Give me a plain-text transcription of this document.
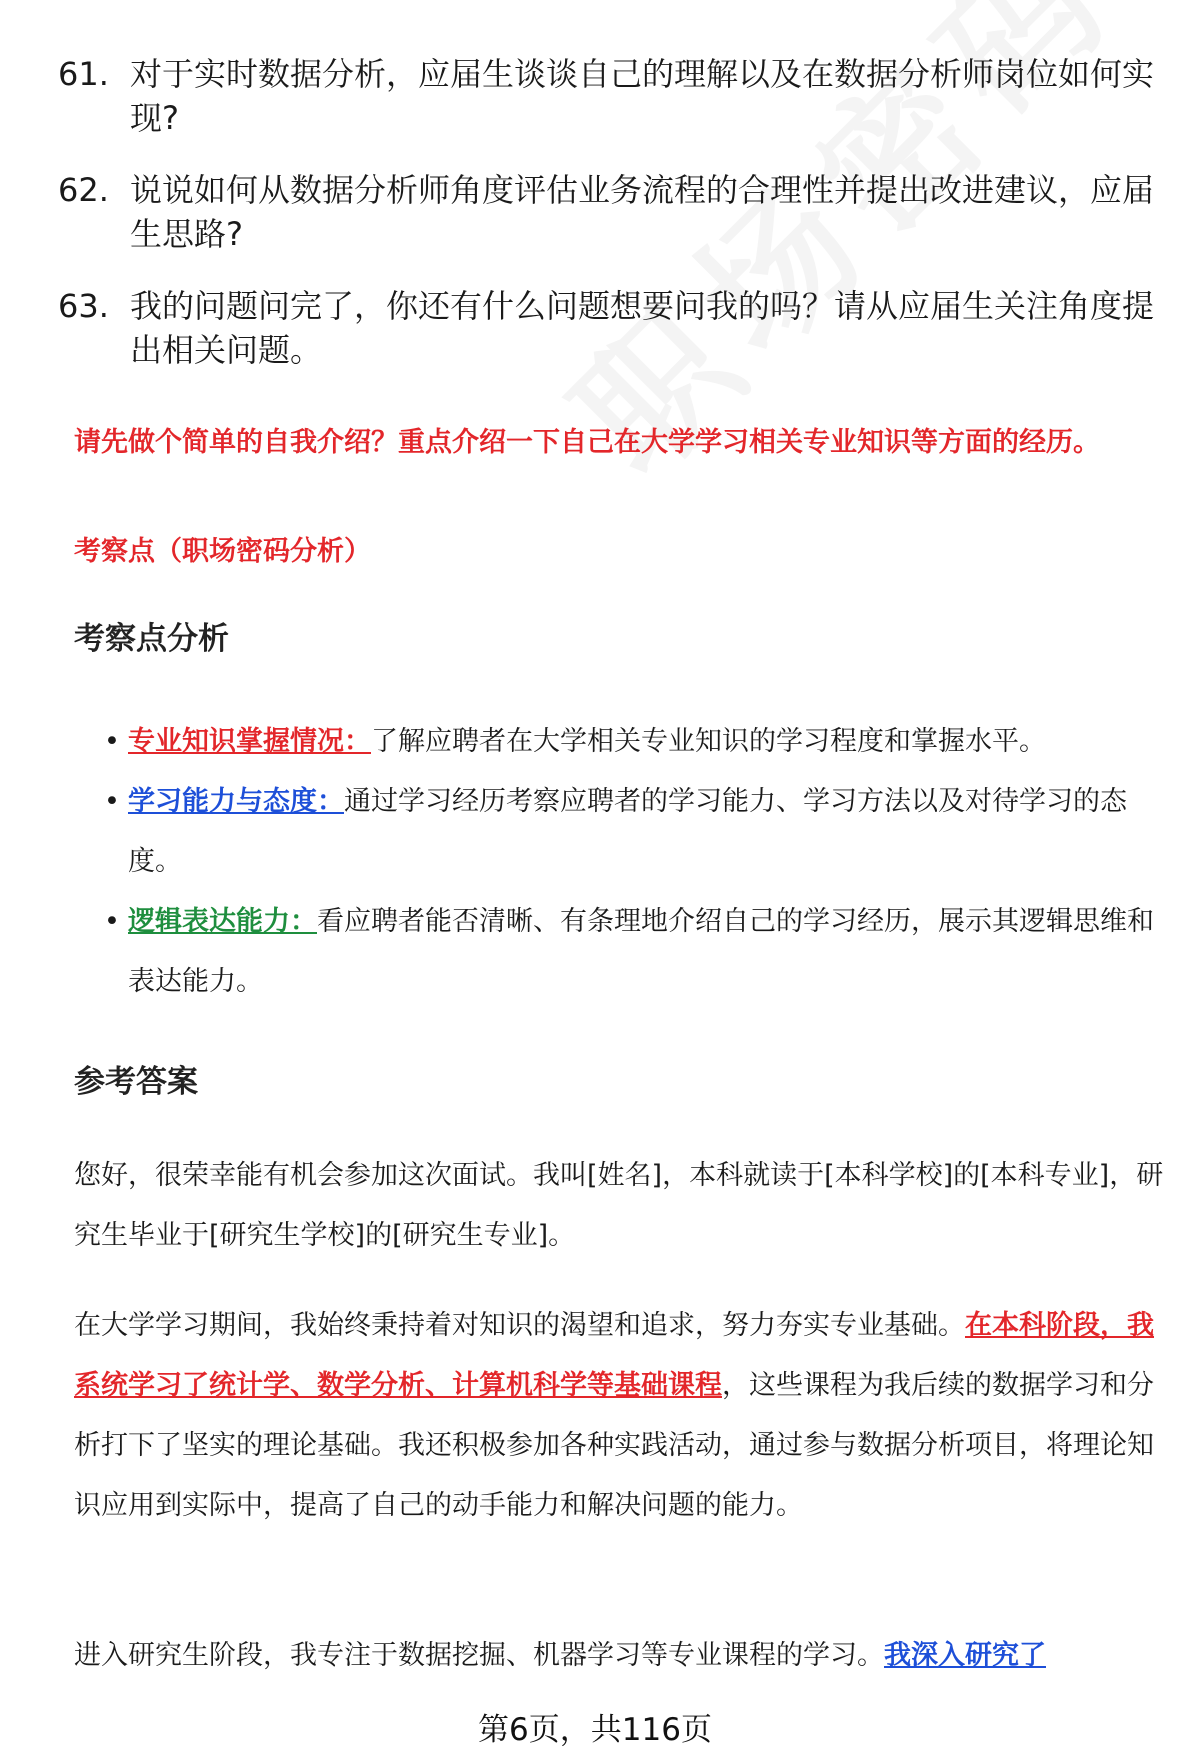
61. 对于实时数据分析，应届生谈谈自己的理解以及在数据分析师岗位如何实现?
62. 说说如何从数据分析师角度评估业务流程的合理性并提出改进建议，应届生思路?
63. 我的问题问完了，你还有什么问题想要问我的吗？请从应届生关注角度提出相关问题。
请先做个简单的自我介绍？重点介绍一下自己在大学学习相关专业知识等方面的经历。
考察点（职场密码分析）
考察点分析
• 专业知识掌握情况：了解应聘者在大学相关专业知识的学习程度和掌握水平。
• 学习能力与态度：通过学习经历考察应聘者的学习能力、学习方法以及对待学习的态度。
• 逻辑表达能力：看应聘者能否清晰、有条理地介绍自己的学习经历，展示其逻辑思维和表达能力。
参考答案
您好，很荣幸能有机会参加这次面试。我叫[姓名]，本科就读于[本科学校]的[本科专业]，研究生毕业于[研究生学校]的[研究生专业]。
在大学学习期间，我始终秉持着对知识的渴望和追求，努力夯实专业基础。在本科阶段，我系统学习了统计学、数学分析、计算机科学等基础课程，这些课程为我后续的数据学习和分析打下了坚实的理论基础。我还积极参加各种实践活动，通过参与数据分析项目，将理论知识应用到实际中，提高了自己的动手能力和解决问题的能力。
进入研究生阶段，我专注于数据挖掘、机器学习等专业课程的学习。我深入研究了
第6页，共116页
